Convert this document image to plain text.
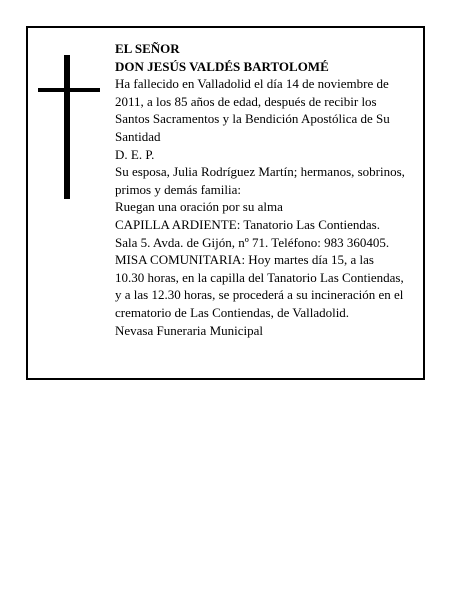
EL SEÑOR
DON JESÚS VALDÉS BARTOLOMÉ
Ha fallecido en Valladolid el día 14 de noviembre de
2011, a los 85 años de edad, después de recibir los
Santos Sacramentos y la Bendición Apostólica de Su
Santidad
D. E. P.
Su esposa, Julia Rodríguez Martín; hermanos, sobrinos,
primos y demás familia:
Ruegan una oración por su alma
CAPILLA ARDIENTE: Tanatorio Las Contiendas.
Sala 5. Avda. de Gijón, nº 71. Teléfono: 983 360405.
MISA COMUNITARIA: Hoy martes día 15, a las
10.30 horas, en la capilla del Tanatorio Las Contiendas,
y a las 12.30 horas, se procederá a su incineración en el
crematorio de Las Contiendas, de Valladolid.
Nevasa Funeraria Municipal
